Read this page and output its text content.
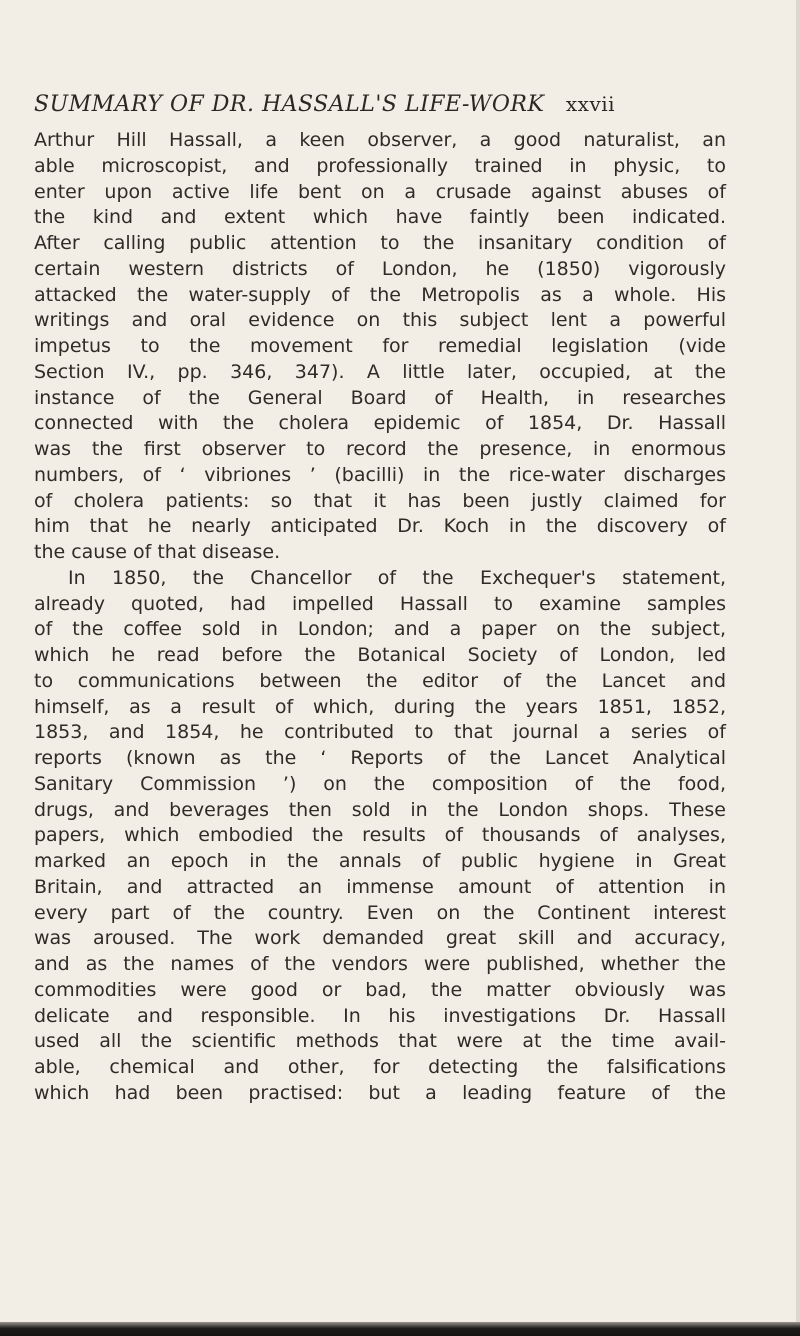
SUMMARY OF DR. HASSALL'S LIFE-WORK xxvii
Arthur Hill Hassall, a keen observer, a good naturalist, an
able microscopist, and professionally trained in physic, to
enter upon active life bent on a crusade against abuses of
the kind and extent which have faintly been indicated.
After calling public attention to the insanitary condition of
certain western districts of London, he (1850) vigorously
attacked the water-supply of the Metropolis as a whole. His
writings and oral evidence on this subject lent a powerful
impetus to the movement for remedial legislation (vide
Section IV., pp. 346, 347). A little later, occupied, at the
instance of the General Board of Health, in researches
connected with the cholera epidemic of 1854, Dr. Hassall
was the first observer to record the presence, in enormous
numbers, of ‘ vibriones ’ (bacilli) in the rice-water discharges
of cholera patients: so that it has been justly claimed for
him that he nearly anticipated Dr. Koch in the discovery of
the cause of that disease.
In 1850, the Chancellor of the Exchequer's statement,
already quoted, had impelled Hassall to examine samples
of the coffee sold in London; and a paper on the subject,
which he read before the Botanical Society of London, led
to communications between the editor of the Lancet and
himself, as a result of which, during the years 1851, 1852,
1853, and 1854, he contributed to that journal a series of
reports (known as the ‘ Reports of the Lancet Analytical
Sanitary Commission ’) on the composition of the food,
drugs, and beverages then sold in the London shops. These
papers, which embodied the results of thousands of analyses,
marked an epoch in the annals of public hygiene in Great
Britain, and attracted an immense amount of attention in
every part of the country. Even on the Continent interest
was aroused. The work demanded great skill and accuracy,
and as the names of the vendors were published, whether the
commodities were good or bad, the matter obviously was
delicate and responsible. In his investigations Dr. Hassall
used all the scientific methods that were at the time avail-
able, chemical and other, for detecting the falsifications
which had been practised: but a leading feature of the
